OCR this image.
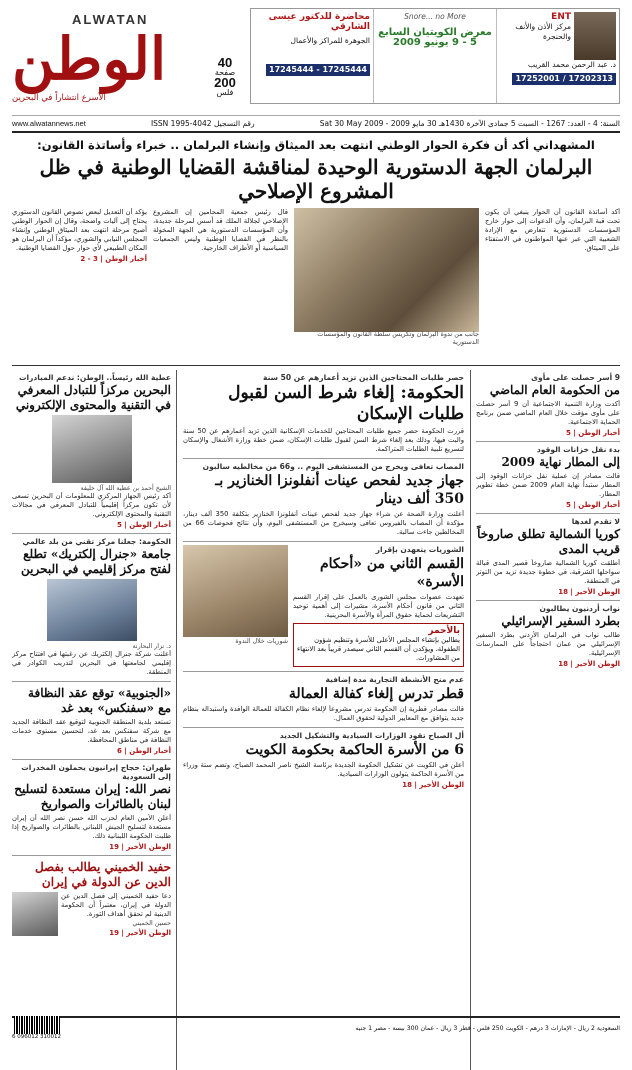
ENT
مركز الأذن والأنف والحنجرة
د. عبد الرحمن محمد القريب
17252001 / 17202313
Snore... no More
معرض الكويتيان السابع
5 - 9 يونيو 2009
محاضرة للدكتور عيسى الشارقي
الجوهرة للمراكز والأعمال
17245444 - 17245444
40
صفحة
200
فلس
ALWATAN
الوطن
الأسرع انتشاراً في البحرين
السنة: 4 - العدد: 1267 - السبت 5 جمادى الآخرة 1430هـ 30 مايو 2009 - Sat 30 May 2009
رقم التسجيل ISSN 1995-4042
www.alwatannews.net
المشهداني أكد أن فكرة الحوار الوطني انتهت بعد الميثاق وإنشاء البرلمان .. خبراء وأساتذة القانون:
البرلمان الجهة الدستورية الوحيدة لمناقشة القضايا الوطنية في ظل المشروع الإصلاحي
أكد أساتذة القانون أن الحوار ينبغي أن يكون تحت قبة البرلمان، وأن الدعوات إلى حوار خارج المؤسسات الدستورية تتعارض مع الإرادة الشعبية التي عبر عنها المواطنون في الاستفتاء على الميثاق.
جانب من ندوة البرلمان وتكريس سلطة القانون والمؤسسات الدستورية
قال رئيس جمعية المحامين إن المشروع الإصلاحي لجلالة الملك قد أسس لمرحلة جديدة، وأن المؤسسات الدستورية هي الجهة المخولة بالنظر في القضايا الوطنية وليس الجمعيات السياسية أو الأطراف الخارجية.
يؤكد أن التعديل لبعض نصوص القانون الدستوري يحتاج إلى آليات واضحة، وقال إن الحوار الوطني أصبح مرحلة انتهت بعد الميثاق الوطني وإنشاء المجلس النيابي والشوري، مؤكداً أن البرلمان هو المكان الطبيعي لأي حوار حول القضايا الوطنية.
أخبار الوطن | 3 - 2
9 أسر حصلت على مأوى
من الحكومة العام الماضي
أكدت وزارة التنمية الاجتماعية أن 9 أسر حصلت على مأوى مؤقت خلال العام الماضي ضمن برنامج الحماية الاجتماعية.
أخبار الوطن | 5
بدء نقل خزانات الوقود
إلى المطار نهاية 2009
قالت مصادر إن عملية نقل خزانات الوقود إلى المطار ستبدأ نهاية العام 2009 ضمن خطة تطوير المطار.
أخبار الوطن | 5
لا تقدم لغدها
كوريا الشمالية تطلق صاروخاً قريب المدى
أطلقت كوريا الشمالية صاروخاً قصير المدى قبالة سواحلها الشرقية، في خطوة جديدة تزيد من التوتر في المنطقة.
الوطن الأخير | 18
نواب أردنيون يطالبون
بطرد السفير الإسرائيلي
طالب نواب في البرلمان الأردني بطرد السفير الإسرائيلي من عمان احتجاجاً على الممارسات الإسرائيلية.
الوطن الأخير | 18
حصر طلبات المحتاجين الذين تزيد أعمارهم عن 50 سنة
الحكومة: إلغاء شرط السن لقبول طلبات الإسكان
قررت الحكومة حصر جميع طلبات المحتاجين للخدمات الإسكانية الذين تزيد أعمارهم عن 50 سنة والبت فيها، وذلك بعد إلغاء شرط السن لقبول طلبات الإسكان، ضمن خطة وزارة الأشغال والإسكان لتسريع تلبية الطلبات المتراكمة.
المصاب تعافى ويخرج من المستشفى اليوم .. و66 من مخالطيه سالبون
جهاز جديد لفحص عينات أنفلونزا الخنازير بـ 350 ألف دينار
أعلنت وزارة الصحة عن شراء جهاز جديد لفحص عينات أنفلونزا الخنازير بتكلفة 350 ألف دينار، مؤكدة أن المصاب بالفيروس تعافى وسيخرج من المستشفى اليوم، وأن نتائج فحوصات 66 من المخالطين جاءت سالبة.
الشوريات يتعهدن بإقرار
القسم الثاني من «أحكام الأسرة»
تعهدت عضوات مجلس الشورى بالعمل على إقرار القسم الثاني من قانون أحكام الأسرة، مشيرات إلى أهمية توحيد التشريعات لحماية حقوق المرأة والأسرة البحرينية.
بالأحمر
يطالبن بإنشاء المجلس الأعلى للأسرة وتنظيم شؤون الطفولة، ويؤكدن أن القسم الثاني سيصدر قريباً بعد الانتهاء من المشاورات.
شوريات خلال الندوة
عدم منح الأنشطة التجارية مدة إضافية
قطر تدرس إلغاء كفالة العمالة
قالت مصادر قطرية إن الحكومة تدرس مشروعاً لإلغاء نظام الكفالة للعمالة الوافدة واستبداله بنظام جديد يتوافق مع المعايير الدولية لحقوق العمال.
أل الصباح تقود الوزارات السيادية والتشكيل الجديد
6 من الأسرة الحاكمة بحكومة الكويت
أعلن في الكويت عن تشكيل الحكومة الجديدة برئاسة الشيخ ناصر المحمد الصباح، وتضم ستة وزراء من الأسرة الحاكمة يتولون الوزارات السيادية.
الوطن الأخير | 18
عطية الله رئيساً.. الوطن: ندعم المبادرات
البحرين مركزاً للتبادل المعرفي في التقنية والمحتوى الإلكتروني
الشيخ أحمد بن عطية الله آل خليفة
أكد رئيس الجهاز المركزي للمعلومات أن البحرين تسعى لأن تكون مركزاً إقليمياً للتبادل المعرفي في مجالات التقنية والمحتوى الإلكتروني.
أخبار الوطن | 5
الحكومة: جعلنا مركز تقني من بلد عالمي
جامعة «جنرال إلكتريك» تطلع لفتح مركز إقليمي في البحرين
د. نزار البحارنة
أعلنت شركة جنرال إلكتريك عن رغبتها في افتتاح مركز إقليمي لجامعتها في البحرين لتدريب الكوادر في المنطقة.
«الجنوبية» توقع عقد النظافة مع «سفنكس» بعد غد
تستعد بلدية المنطقة الجنوبية لتوقيع عقد النظافة الجديد مع شركة سفنكس بعد غد، لتحسين مستوى خدمات النظافة في مناطق المحافظة.
أخبار الوطن | 6
طهران: حجاج إيرانيون يحملون المخدرات إلى السعودية
نصر الله: إيران مستعدة لتسليح لبنان بالطائرات والصواريخ
أعلن الأمين العام لحزب الله حسن نصر الله أن إيران مستعدة لتسليح الجيش اللبناني بالطائرات والصواريخ إذا طلبت الحكومة اللبنانية ذلك.
الوطن الأخير | 19
حفيد الخميني يطالب بفصل الدين عن الدولة في إيران
دعا حفيد الخميني إلى فصل الدين عن الدولة في إيران، معتبراً أن الحكومة الدينية لم تحقق أهداف الثورة.
حسين الخميني
الوطن الأخير | 19
السعودية 2 ريال - الإمارات 3 درهم - الكويت 250 فلس - قطر 3 ريال - عمان 300 بيسة - مصر 1 جنيه
6 096012 310012
